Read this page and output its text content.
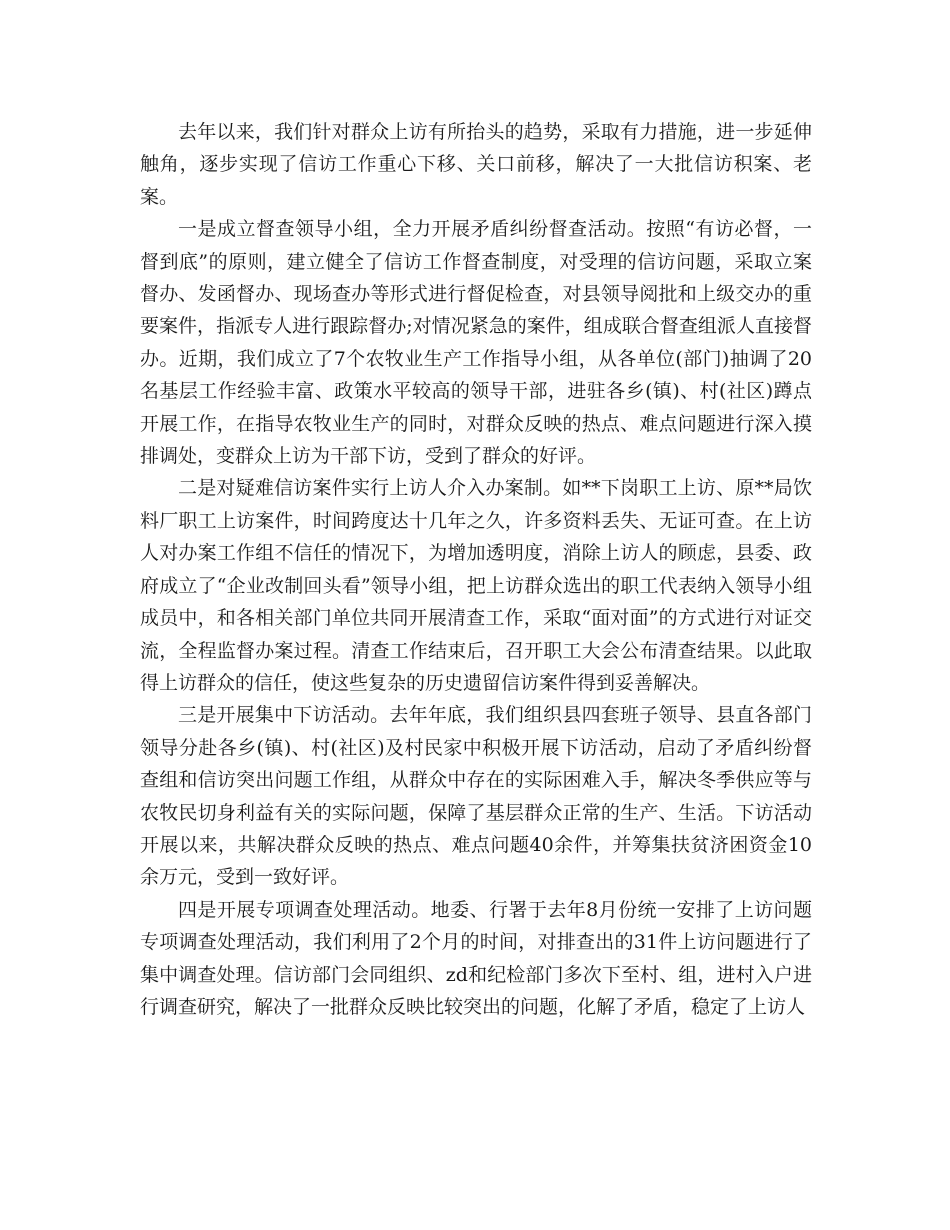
去年以来，我们针对群众上访有所抬头的趋势，采取有力措施，进一步延伸触角，逐步实现了信访工作重心下移、关口前移，解决了一大批信访积案、老案。

一是成立督查领导小组，全力开展矛盾纠纷督查活动。按照“有访必督，一督到底”的原则，建立健全了信访工作督查制度，对受理的信访问题，采取立案督办、发函督办、现场查办等形式进行督促检查，对县领导阅批和上级交办的重要案件，指派专人进行跟踪督办;对情况紧急的案件，组成联合督查组派人直接督办。近期，我们成立了7个农牧业生产工作指导小组，从各单位(部门)抽调了20名基层工作经验丰富、政策水平较高的领导干部，进驻各乡(镇)、村(社区)蹲点开展工作，在指导农牧业生产的同时，对群众反映的热点、难点问题进行深入摸排调处，变群众上访为干部下访，受到了群众的好评。

二是对疑难信访案件实行上访人介入办案制。如**下岗职工上访、原**局饮料厂职工上访案件，时间跨度达十几年之久，许多资料丢失、无证可查。在上访人对办案工作组不信任的情况下，为增加透明度，消除上访人的顾虑，县委、政府成立了“企业改制回头看”领导小组，把上访群众选出的职工代表纳入领导小组成员中，和各相关部门单位共同开展清查工作，采取“面对面”的方式进行对证交流，全程监督办案过程。清查工作结束后，召开职工大会公布清查结果。以此取得上访群众的信任，使这些复杂的历史遗留信访案件得到妥善解决。

三是开展集中下访活动。去年年底，我们组织县四套班子领导、县直各部门领导分赴各乡(镇)、村(社区)及村民家中积极开展下访活动，启动了矛盾纠纷督查组和信访突出问题工作组，从群众中存在的实际困难入手，解决冬季供应等与农牧民切身利益有关的实际问题，保障了基层群众正常的生产、生活。下访活动开展以来，共解决群众反映的热点、难点问题40余件，并筹集扶贫济困资金10余万元，受到一致好评。

四是开展专项调查处理活动。地委、行署于去年8月份统一安排了上访问题专项调查处理活动，我们利用了2个月的时间，对排查出的31件上访问题进行了集中调查处理。信访部门会同组织、zd和纪检部门多次下至村、组，进村入户进行调查研究，解决了一批群众反映比较突出的问题，化解了矛盾，稳定了上访人
